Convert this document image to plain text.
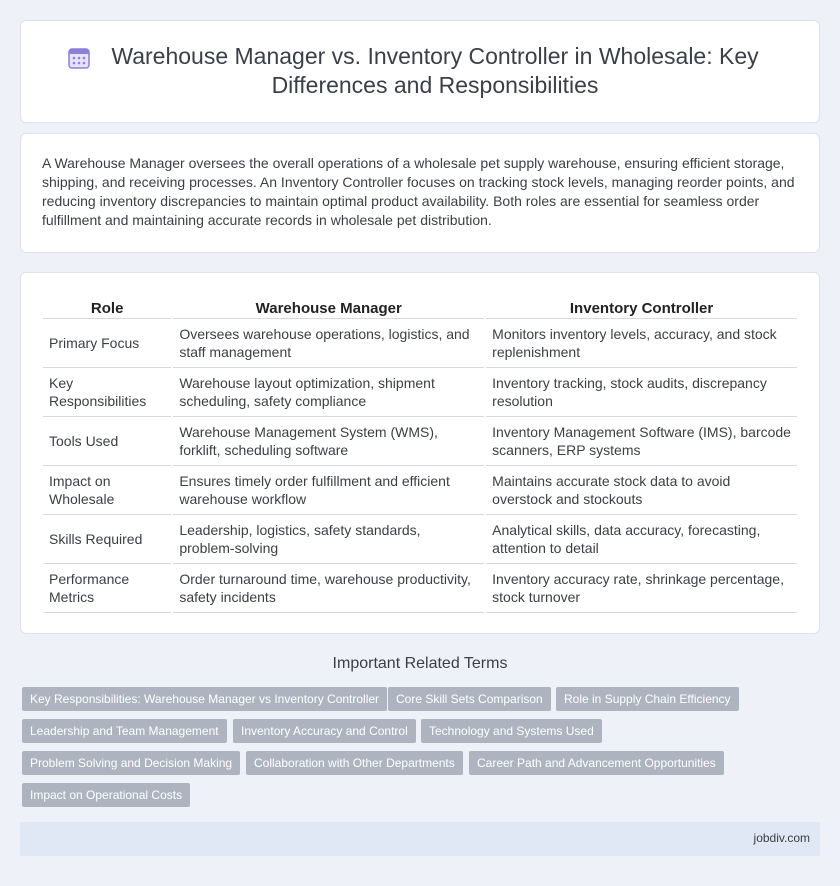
Warehouse Manager vs. Inventory Controller in Wholesale: Key Differences and Responsibilities

A Warehouse Manager oversees the overall operations of a wholesale pet supply warehouse, ensuring efficient storage, shipping, and receiving processes. An Inventory Controller focuses on tracking stock levels, managing reorder points, and reducing inventory discrepancies to maintain optimal product availability. Both roles are essential for seamless order fulfillment and maintaining accurate records in wholesale pet distribution.

Role	Warehouse Manager	Inventory Controller
Primary Focus	Oversees warehouse operations, logistics, and staff management	Monitors inventory levels, accuracy, and stock replenishment
Key Responsibilities	Warehouse layout optimization, shipment scheduling, safety compliance	Inventory tracking, stock audits, discrepancy resolution
Tools Used	Warehouse Management System (WMS), forklift, scheduling software	Inventory Management Software (IMS), barcode scanners, ERP systems
Impact on Wholesale	Ensures timely order fulfillment and efficient warehouse workflow	Maintains accurate stock data to avoid overstock and stockouts
Skills Required	Leadership, logistics, safety standards, problem-solving	Analytical skills, data accuracy, forecasting, attention to detail
Performance Metrics	Order turnaround time, warehouse productivity, safety incidents	Inventory accuracy rate, shrinkage percentage, stock turnover
Important Related Terms
Key Responsibilities: Warehouse Manager vs Inventory Controller	Core Skill Sets Comparison	Role in Supply Chain Efficiency
Leadership and Team Management	Inventory Accuracy and Control	Technology and Systems Used
Problem Solving and Decision Making	Collaboration with Other Departments	Career Path and Advancement Opportunities
Impact on Operational Costs
jobdiv.com
